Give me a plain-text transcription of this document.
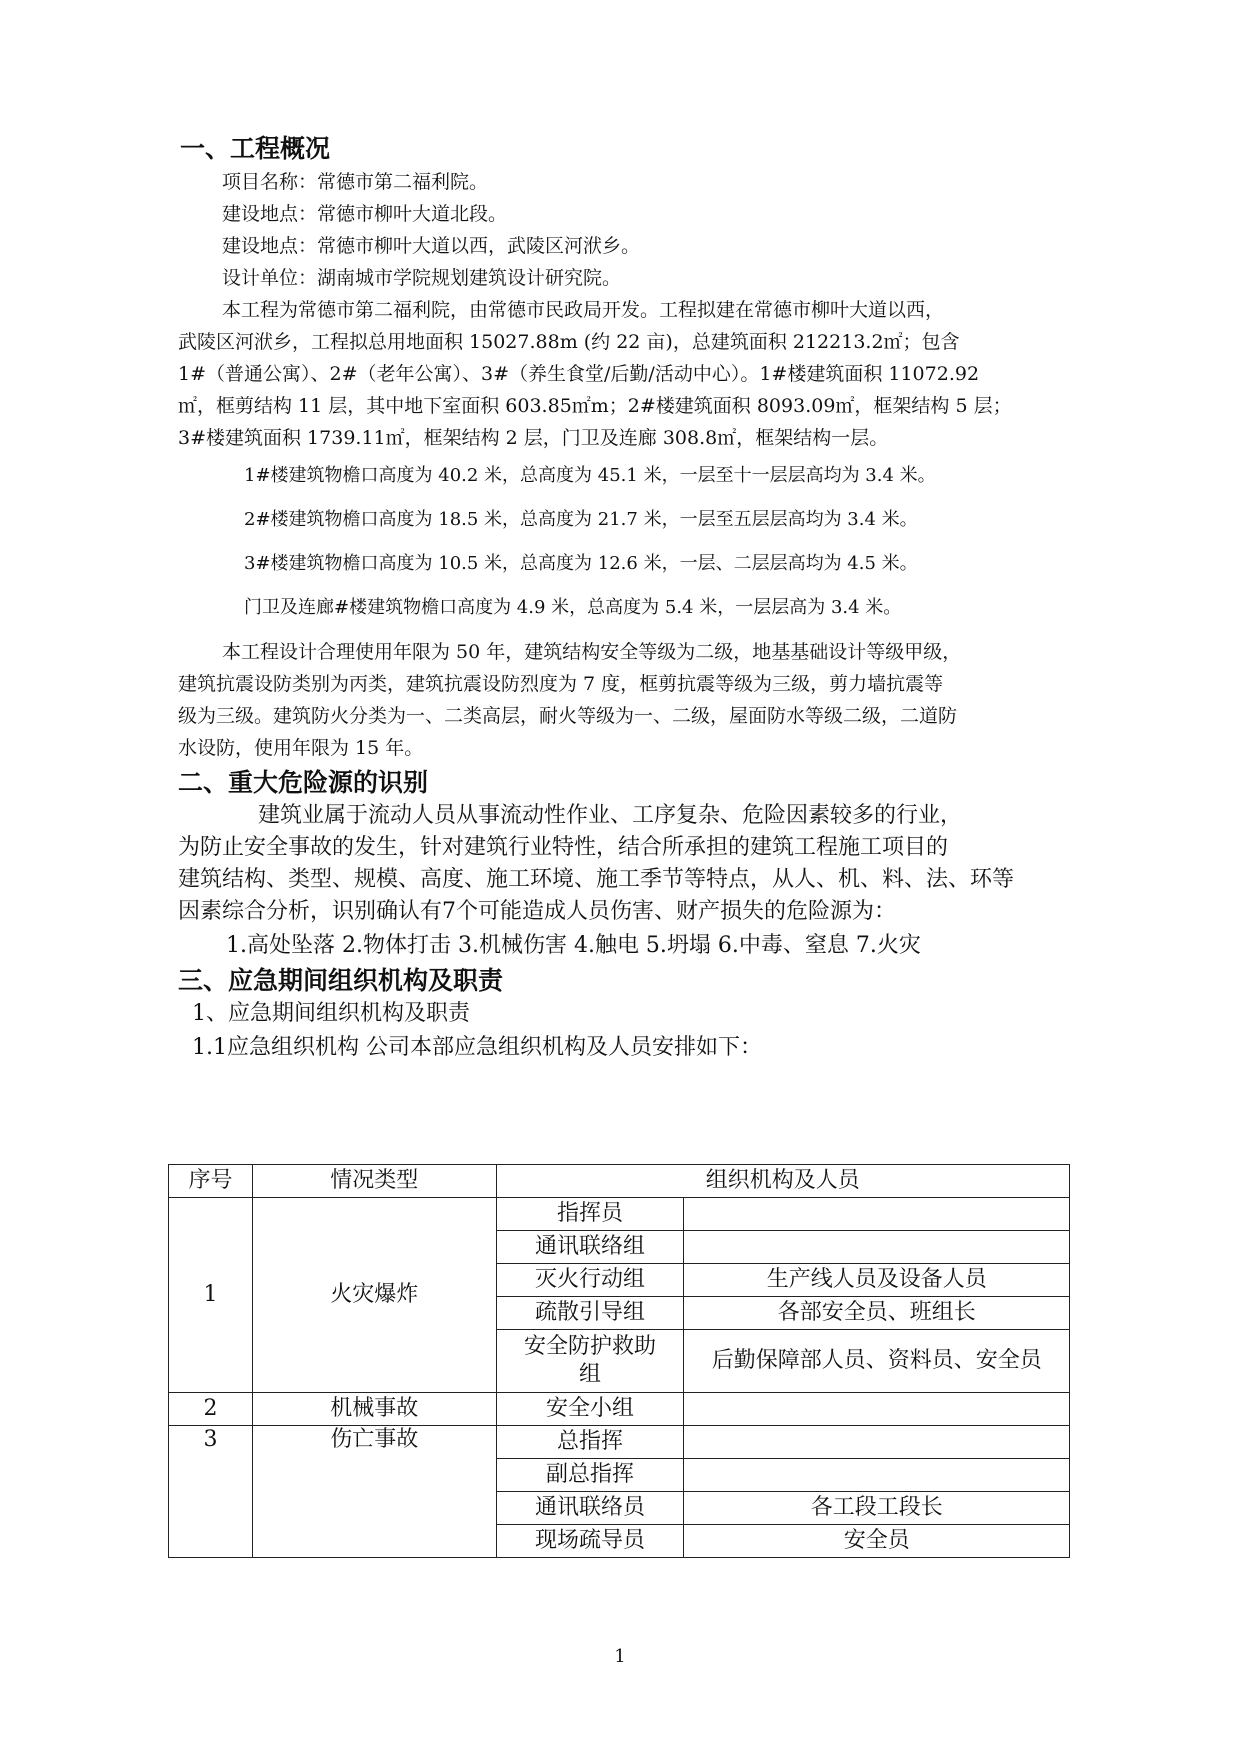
一、工程概况

项目名称：常德市第二福利院。

建设地点：常德市柳叶大道北段。

建设地点：常德市柳叶大道以西，武陵区河洑乡。

设计单位：湖南城市学院规划建筑设计研究院。

本工程为常德市第二福利院，由常德市民政局开发。工程拟建在常德市柳叶大道以西，

武陵区河洑乡，工程拟总用地面积 15027.88m (约 22 亩)，总建筑面积 212213.2㎡；包含

1#（普通公寓）、2#（老年公寓）、3#（养生食堂/后勤/活动中心）。1#楼建筑面积 11072.92

㎡，框剪结构 11 层，其中地下室面积 603.85㎡m；2#楼建筑面积 8093.09㎡，框架结构 5 层；

3#楼建筑面积 1739.11㎡，框架结构 2 层，门卫及连廊 308.8㎡，框架结构一层。

1#楼建筑物檐口高度为 40.2 米，总高度为 45.1 米，一层至十一层层高均为 3.4 米。

2#楼建筑物檐口高度为 18.5 米，总高度为 21.7 米，一层至五层层高均为 3.4 米。

3#楼建筑物檐口高度为 10.5 米，总高度为 12.6 米，一层、二层层高均为 4.5 米。

门卫及连廊#楼建筑物檐口高度为 4.9 米，总高度为 5.4 米，一层层高为 3.4 米。

本工程设计合理使用年限为 50 年，建筑结构安全等级为二级，地基基础设计等级甲级，

建筑抗震设防类别为丙类，建筑抗震设防烈度为 7 度，框剪抗震等级为三级，剪力墙抗震等

级为三级。建筑防火分类为一、二类高层，耐火等级为一、二级，屋面防水等级二级，二道防

水设防，使用年限为 15 年。

二、重大危险源的识别

建筑业属于流动人员从事流动性作业、工序复杂、危险因素较多的行业，

为防止安全事故的发生，针对建筑行业特性，结合所承担的建筑工程施工项目的

建筑结构、类型、规模、高度、施工环境、施工季节等特点，从人、机、料、法、环等

因素综合分析，识别确认有7个可能造成人员伤害、财产损失的危险源为：

1.高处坠落 2.物体打击 3.机械伤害 4.触电 5.坍塌 6.中毒、窒息 7.火灾

三、应急期间组织机构及职责

1、应急期间组织机构及职责

1.1应急组织机构 公司本部应急组织机构及人员安排如下：

序号	情况类型	组织机构及人员	
1	火灾爆炸	指挥员	
		通讯联络组	
		灭火行动组	生产线人员及设备人员
		疏散引导组	各部安全员、班组长
		安全防护救助组	后勤保障部人员、资料员、安全员
2	机械事故	安全小组	
3	伤亡事故	总指挥	
		副总指挥	
		通讯联络员	各工段工段长
		现场疏导员	安全员
1
